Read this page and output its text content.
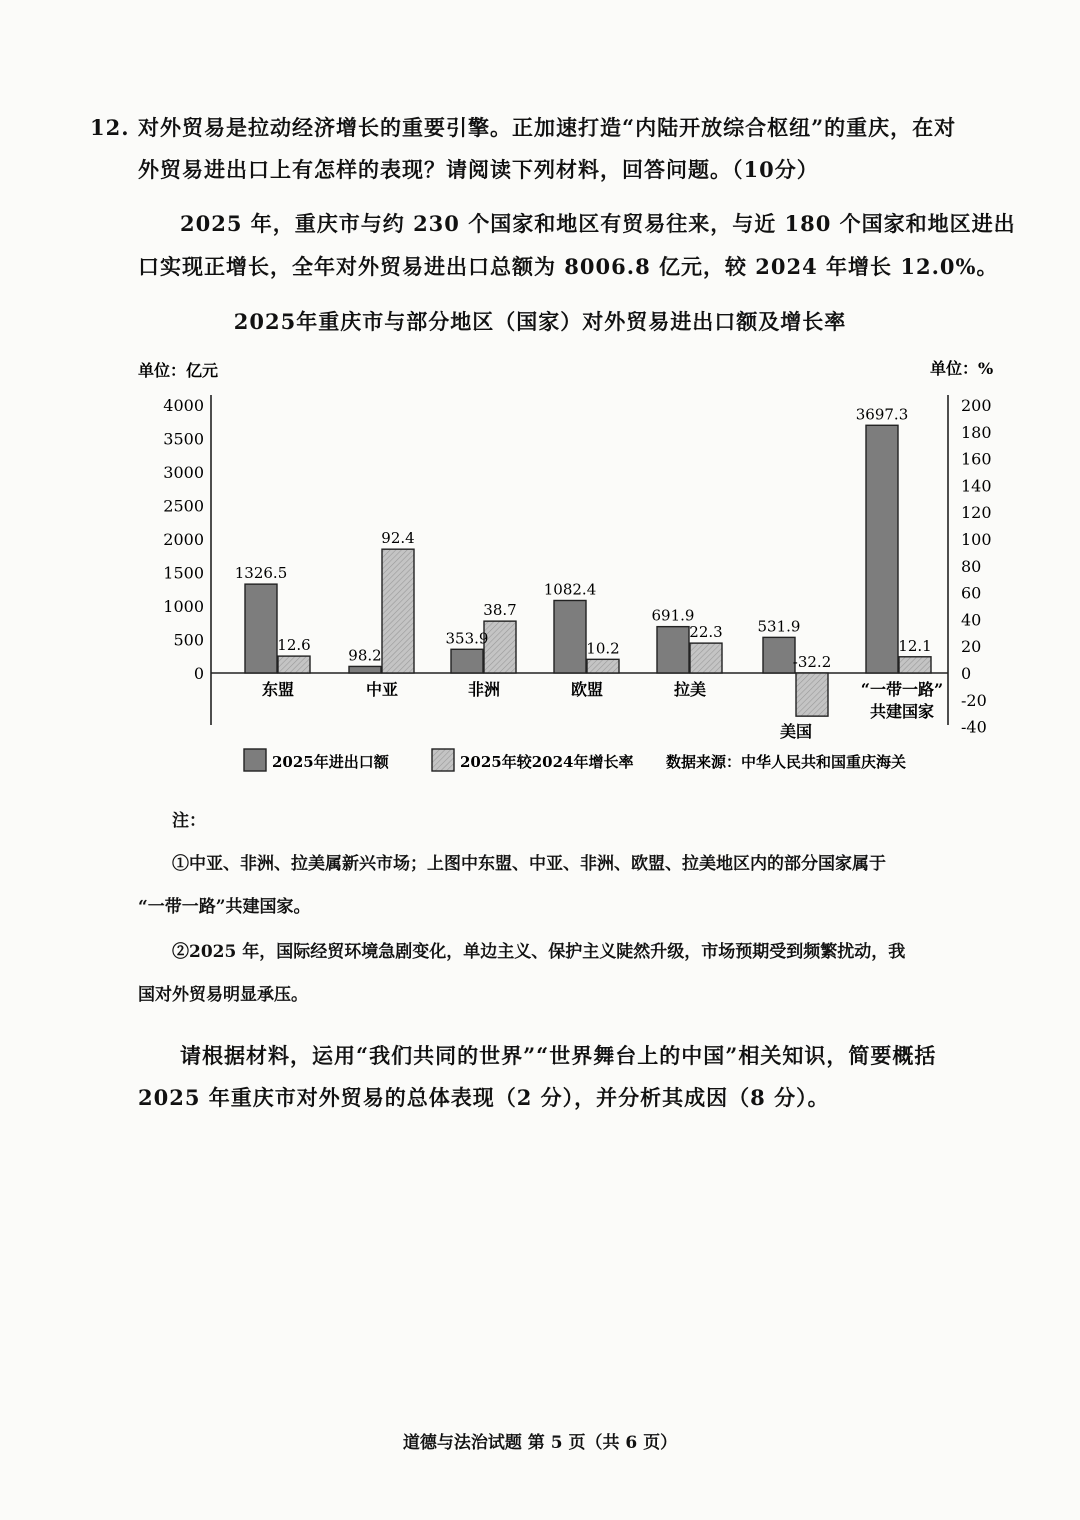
12. 对外贸易是拉动经济增长的重要引擎。正加速打造“内陆开放综合枢纽”的重庆，在对
外贸易进出口上有怎样的表现？请阅读下列材料，回答问题。（10分）
2025 年，重庆市与约 230 个国家和地区有贸易往来，与近 180 个国家和地区进出
口实现正增长，全年对外贸易进出口总额为 8006.8 亿元，较 2024 年增长 12.0%。
2025年重庆市与部分地区（国家）对外贸易进出口额及增长率
单位：亿元	单位：%
4000
3500
3000
2500
2000
1500
1000
500
0
200
180
160
140
120
100
80
60
40
20
0
-20
-40
1326.5
12.6
98.2
92.4
353.9
38.7
1082.4
10.2
691.9
22.3 531.9
-32.2
3697.3
12.1
东盟	中亚	非洲	欧盟	拉美
美国
“一带一路”
共建国家
2025年进出口额	2025年较2024年增长率 数据来源：中华人民共和国重庆海关
注：
①中亚、非洲、拉美属新兴市场；上图中东盟、中亚、非洲、欧盟、拉美地区内的部分国家属于
“一带一路”共建国家。
②2025 年，国际经贸环境急剧变化，单边主义、保护主义陡然升级，市场预期受到频繁扰动，我
国对外贸易明显承压。
请根据材料，运用“我们共同的世界”“世界舞台上的中国”相关知识，简要概括
2025 年重庆市对外贸易的总体表现（2 分），并分析其成因（8 分）。
道德与法治试题 第 5 页（共 6 页）
